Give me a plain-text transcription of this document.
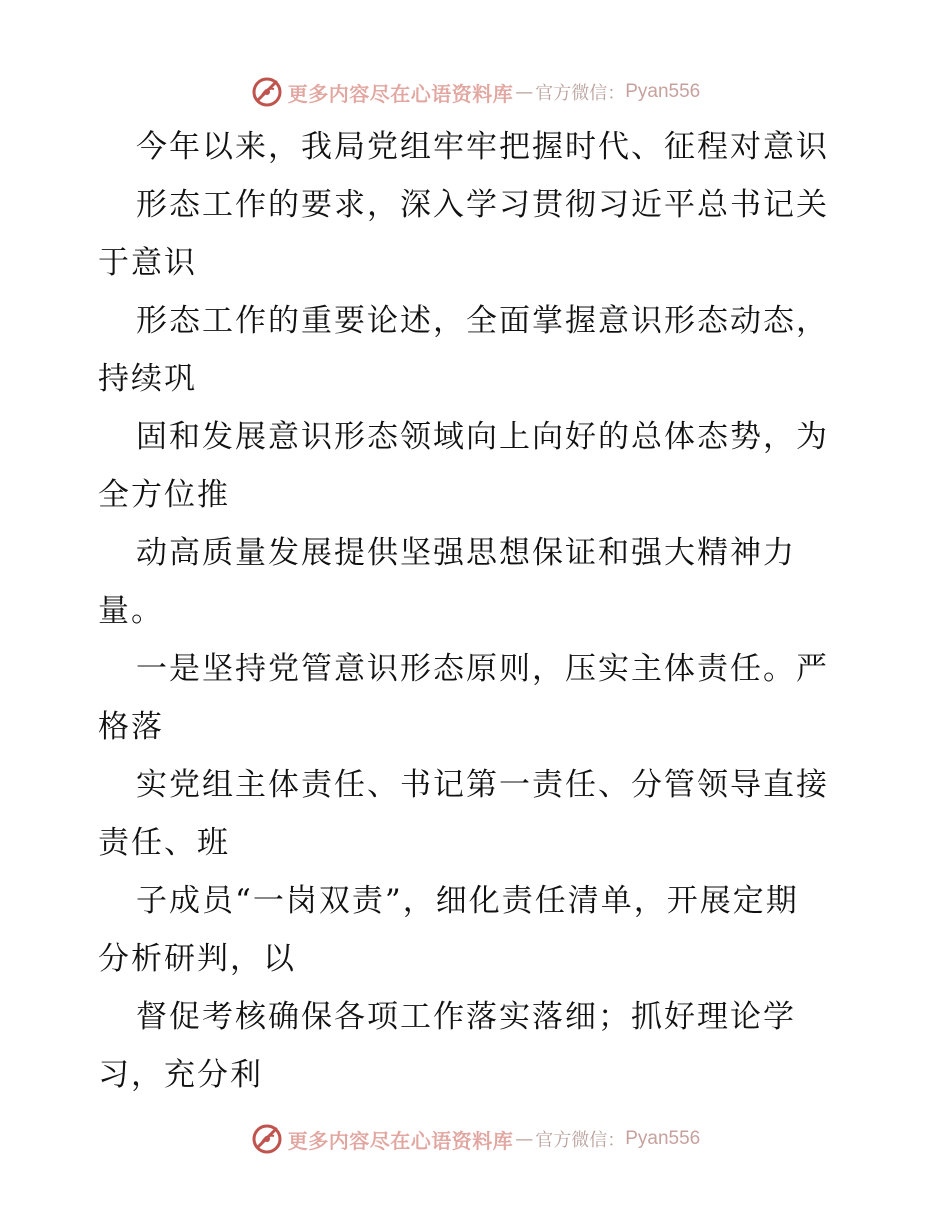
更多内容尽在心语资料库 — 官方微信： Pyan556
今年以来，我局党组牢牢把握时代、征程对意识
形态工作的要求，深入学习贯彻习近平总书记关
于意识
形态工作的重要论述，全面掌握意识形态动态，
持续巩
固和发展意识形态领域向上向好的总体态势，为
全方位推
动高质量发展提供坚强思想保证和强大精神力
量。
一是坚持党管意识形态原则，压实主体责任。严
格落
实党组主体责任、书记第一责任、分管领导直接
责任、班
子成员“一岗双责”，细化责任清单，开展定期
分析研判，以
督促考核确保各项工作落实落细；抓好理论学
习，充分利
更多内容尽在心语资料库 — 官方微信： Pyan556
